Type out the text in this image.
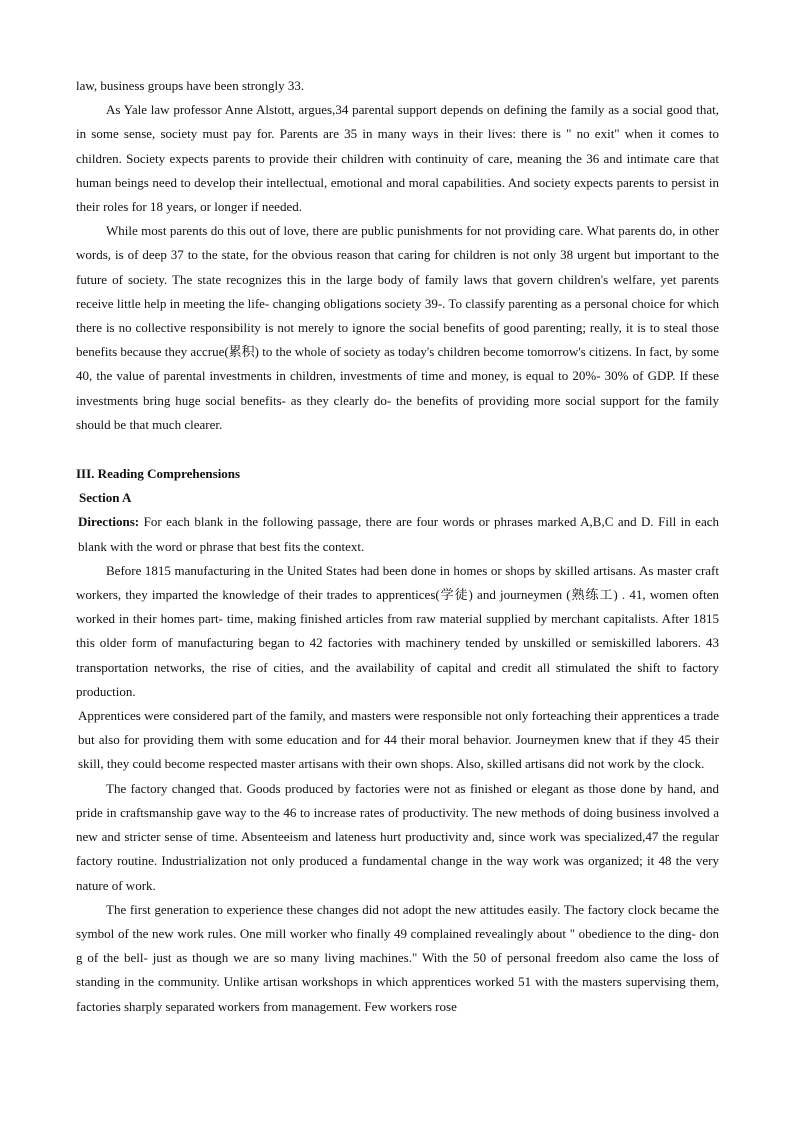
law, business groups have been strongly 33.

As Yale law professor Anne Alstott, argues,34 parental support depends on defining the family as a social good that, in some sense, society must pay for. Parents are 35 in many ways in their lives: there is " no exit" when it comes to children. Society expects parents to provide their children with continuity of care, meaning the 36 and intimate care that human beings need to develop their intellectual, emotional and moral capabilities. And society expects parents to persist in their roles for 18 years, or longer if needed.

While most parents do this out of love, there are public punishments for not providing care. What parents do, in other words, is of deep 37 to the state, for the obvious reason that caring for children is not only 38 urgent but important to the future of society. The state recognizes this in the large body of family laws that govern children's welfare, yet parents receive little help in meeting the life- changing obligations society 39-. To classify parenting as a personal choice for which there is no collective responsibility is not merely to ignore the social benefits of good parenting; really, it is to steal those benefits because they accrue(累积) to the whole of society as today's children become tomorrow's citizens. In fact, by some 40, the value of parental investments in children, investments of time and money, is equal to 20%- 30% of GDP. If these investments bring huge social benefits- as they clearly do- the benefits of providing more social support for the family should be that much clearer.

III. Reading Comprehensions

Section A

Directions: For each blank in the following passage, there are four words or phrases marked A,B,C and D. Fill in each blank with the word or phrase that best fits the context.

Before 1815 manufacturing in the United States had been done in homes or shops by skilled artisans. As master craft workers, they imparted the knowledge of their trades to apprentices(学徒) and journeymen (熟练工) . 41, women often worked in their homes part- time, making finished articles from raw material supplied by merchant capitalists. After 1815 this older form of manufacturing began to 42 factories with machinery tended by unskilled or semiskilled laborers. 43 transportation networks, the rise of cities, and the availability of capital and credit all stimulated the shift to factory production.

Apprentices were considered part of the family, and masters were responsible not only forteaching their apprentices a trade but also for providing them with some education and for 44 their moral behavior. Journeymen knew that if they 45 their skill, they could become respected master artisans with their own shops. Also, skilled artisans did not work by the clock.

The factory changed that. Goods produced by factories were not as finished or elegant as those done by hand, and pride in craftsmanship gave way to the 46 to increase rates of productivity. The new methods of doing business involved a new and stricter sense of time. Absenteeism and lateness hurt productivity and, since work was specialized,47 the regular factory routine. Industrialization not only produced a fundamental change in the way work was organized; it 48 the very nature of work.

The first generation to experience these changes did not adopt the new attitudes easily. The factory clock became the symbol of the new work rules. One mill worker who finally 49 complained revealingly about " obedience to the ding- don g of the bell- just as though we are so many living machines." With the 50 of personal freedom also came the loss of standing in the community. Unlike artisan workshops in which apprentices worked 51 with the masters supervising them, factories sharply separated workers from management. Few workers rose
